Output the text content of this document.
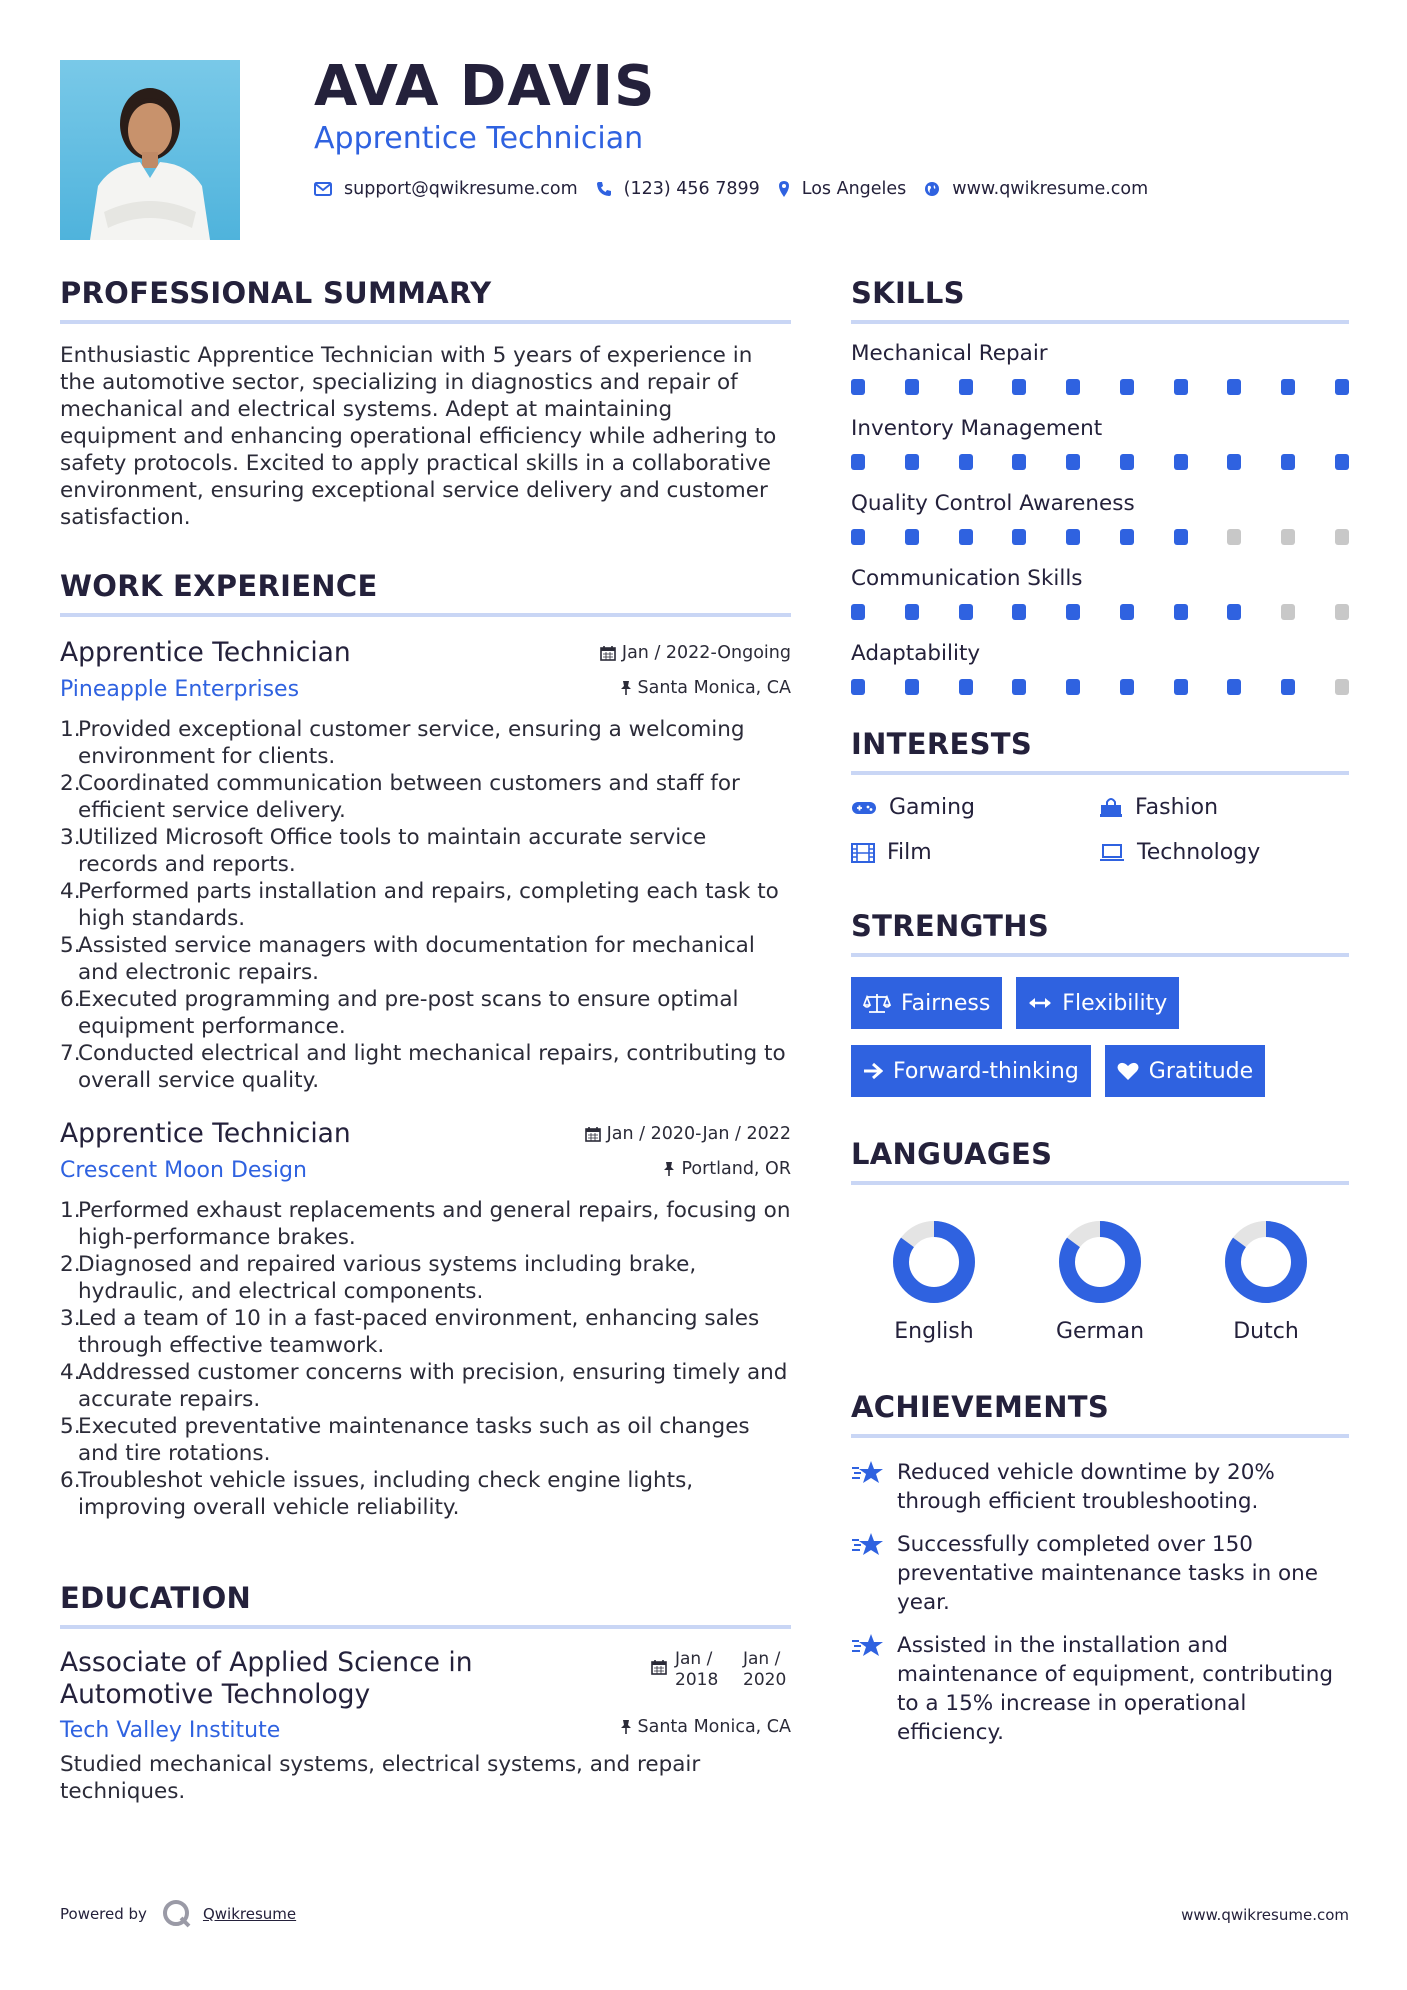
AVA DAVIS
Apprentice Technician
support@qwikresume.com	(123) 456 7899 Los Angeles	www.qwikresume.com
PROFESSIONAL SUMMARY
Enthusiastic Apprentice Technician with 5 years of experience in the automotive sector, specializing in diagnostics and repair of mechanical and electrical systems. Adept at maintaining equipment and enhancing operational efficiency while adhering to safety protocols. Excited to apply practical skills in a collaborative environment, ensuring exceptional service delivery and customer satisfaction.
WORK EXPERIENCE
Apprentice Technician	Jan / 2022-Ongoing
Pineapple Enterprises	Santa Monica, CA
Provided exceptional customer service, ensuring a welcoming environment for clients.
Coordinated communication between customers and staff for efficient service delivery.
Utilized Microsoft Office tools to maintain accurate service records and reports.
Performed parts installation and repairs, completing each task to high standards.
Assisted service managers with documentation for mechanical and electronic repairs.
Executed programming and pre-post scans to ensure optimal equipment performance.
Conducted electrical and light mechanical repairs, contributing to overall service quality.
Apprentice Technician	Jan / 2020-Jan / 2022
Crescent Moon Design	Portland, OR
Performed exhaust replacements and general repairs, focusing on high-performance brakes.
Diagnosed and repaired various systems including brake, hydraulic, and electrical components.
Led a team of 10 in a fast-paced environment, enhancing sales through effective teamwork.
Addressed customer concerns with precision, ensuring timely and accurate repairs.
Executed preventative maintenance tasks such as oil changes and tire rotations.
Troubleshot vehicle issues, including check engine lights, improving overall vehicle reliability.
EDUCATION
Associate of Applied Science in Automotive Technology
Jan / 2018
Jan / 2020
Tech Valley Institute	Santa Monica, CA
Studied mechanical systems, electrical systems, and repair techniques.
SKILLS
Mechanical Repair
Inventory Management
Quality Control Awareness
Communication Skills
Adaptability
INTERESTS
Gaming	Fashion
Film	Technology
STRENGTHS
Fairness	Flexibility
Forward-thinking	Gratitude
LANGUAGES
English	German	Dutch
ACHIEVEMENTS
Reduced vehicle downtime by 20% through efficient troubleshooting.
Successfully completed over 150 preventative maintenance tasks in one year.
Assisted in the installation and maintenance of equipment, contributing to a 15% increase in operational efficiency.
Powered by	Qwikresume	www.qwikresume.com
